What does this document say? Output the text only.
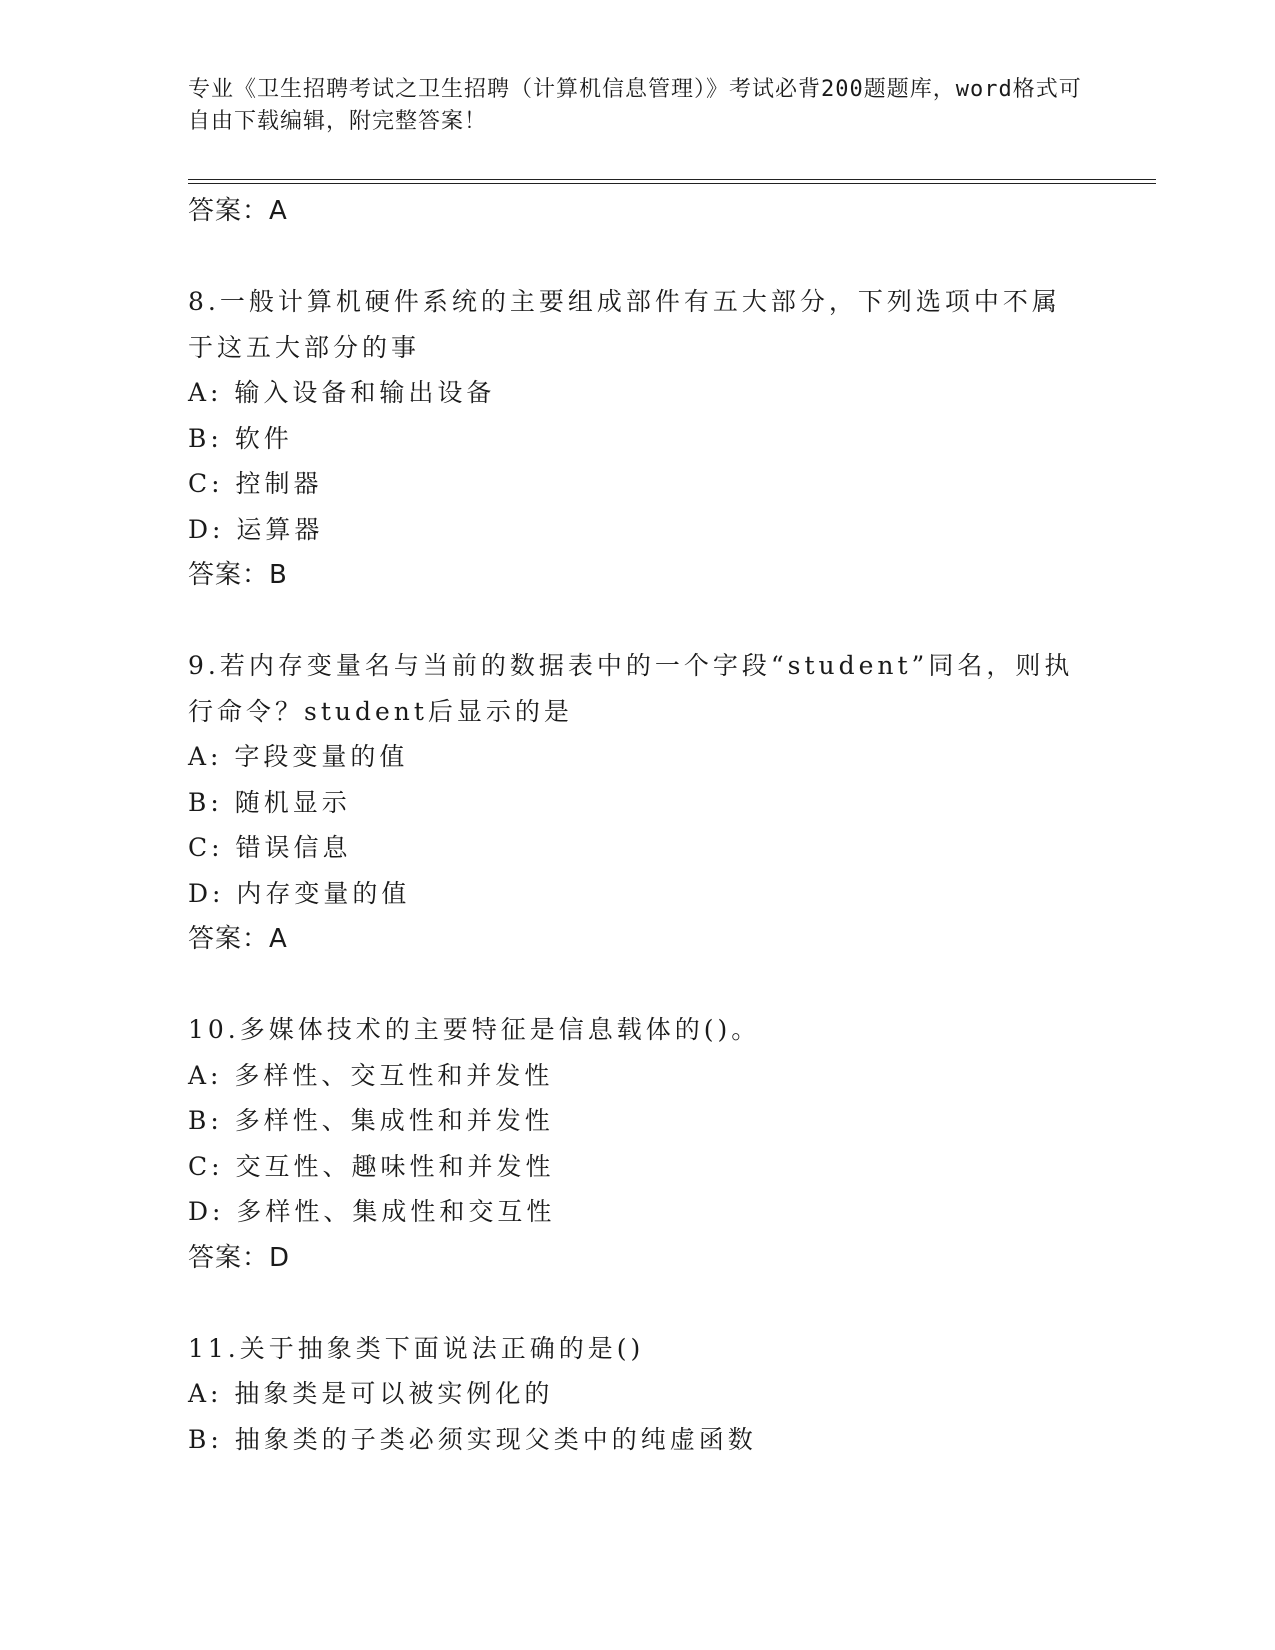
专业《卫生招聘考试之卫生招聘（计算机信息管理）》考试必背200题题库，word格式可自由下载编辑，附完整答案！
答案：A
8.一般计算机硬件系统的主要组成部件有五大部分，下列选项中不属于这五大部分的事
A: 输入设备和输出设备
B: 软件
C: 控制器
D: 运算器
答案：B
9.若内存变量名与当前的数据表中的一个字段“student”同名，则执行命令？student后显示的是
A: 字段变量的值
B: 随机显示
C: 错误信息
D: 内存变量的值
答案：A
10.多媒体技术的主要特征是信息载体的()。
A: 多样性、交互性和并发性
B: 多样性、集成性和并发性
C: 交互性、趣味性和并发性
D: 多样性、集成性和交互性
答案：D
11.关于抽象类下面说法正确的是()
A: 抽象类是可以被实例化的
B: 抽象类的子类必须实现父类中的纯虚函数
